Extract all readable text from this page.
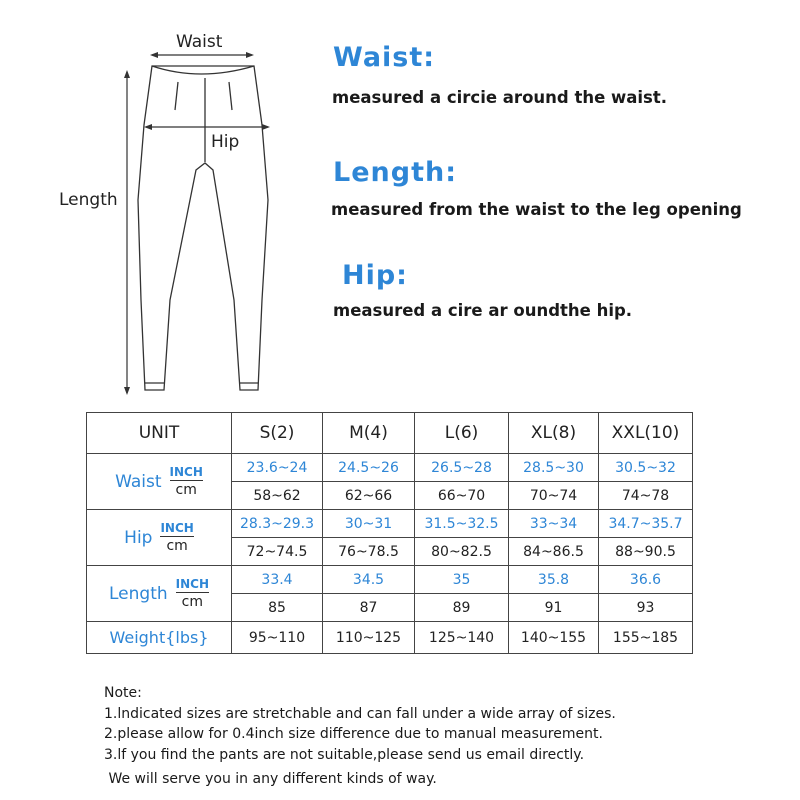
Waist
Hip
Length
Waist:
measured a circie around the waist.
Length:
measured from the waist to the leg opening
Hip:
measured a cire ar oundthe hip.
UNIT	S(2)	M(4)	L(6)	XL(8)	XXL(10)

Waist $\frac{\text{INCH}}{cm}$	23.6~24	24.5~26	26.5~28	28.5~30	30.5~32
	58~62	62~66	66~70	70~74	74~78

Hip $\frac{\text{INCH}}{cm}$	28.3~29.3	30~31	31.5~32.5	33~34	34.7~35.7
	72~74.5	76~78.5	80~82.5	84~86.5	88~90.5

Length $\frac{\text{INCH}}{cm}$	33.4	34.5	35	35.8	36.6
	85	87	89	91	93
Weight{lbs}	95~110	110~125	125~140	140~155	155~185
Note:
1.lndicated sizes are stretchable and can fall under a wide array of sizes.
2.please allow for 0.4inch size difference due to manual measurement.
3.lf you find the pants are not suitable,please send us email directly.
We will serve you in any different kinds of way.
